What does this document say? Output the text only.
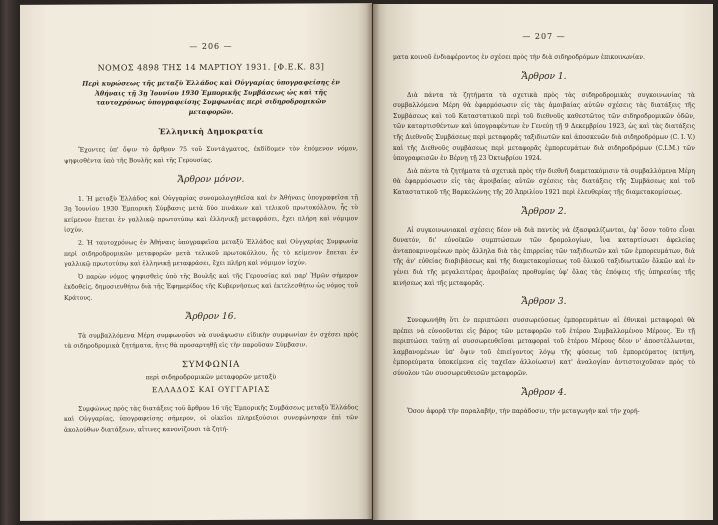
— 206 —
ΝΟΜΟΣ 4898 ΤΗΣ 14 ΜΑΡΤΙΟΥ 1931. [Φ.Ε.Κ. 83]
Περὶ κυρώσεως τῆς μεταξὺ Ἑλλάδος καὶ Οὐγγαρίας ὑπογραφείσης ἐν Ἀθήναις τῇ 3ῃ Ἰουνίου 1930 Ἐμπορικῆς Συμβάσεως ὡς καὶ τῆς ταυτοχρόνως ὑπογραφείσης Συμφωνίας περὶ σιδηροδρομικῶν μεταφορῶν.
Ἑλληνικὴ Δημοκρατία

Ἔχοντες ὑπ' ὄψιν τὸ ἄρθρον 75 τοῦ Συντάγματος, ἐκδίδομεν τὸν ἑπόμενον νόμον, ψηφισθέντα ὑπὸ τῆς Βουλῆς καὶ τῆς Γερουσίας.

Ἄρθρον μόνον.

1. Ἡ μεταξὺ Ἑλλάδος καὶ Οὐγγαρίας συνομολογηθεῖσα καὶ ἐν Ἀθήναις ὑπογραφεῖσα τῇ 3ῃ Ἰουνίου 1930 Ἐμπορικὴ Σύμβασις μετὰ δύο πινάκων καὶ τελικοῦ πρωτοκόλλου, ἧς τὸ κείμενον ἔπεται ἐν γαλλικῷ πρωτοτύπῳ καὶ ἑλληνικῇ μεταφράσει, ἔχει πλήρη καὶ νόμιμον ἰσχύν.

2. Ἡ ταυτοχρόνως ἐν Ἀθήναις ὑπογραφεῖσα μεταξὺ Ἑλλάδος καὶ Οὐγγαρίας Συμφωνία περὶ σιδηροδρομικῶν μεταφορῶν μετὰ τελικοῦ πρωτοκόλλου, ἧς τὸ κείμενον ἔπεται ἐν γαλλικῷ πρωτοτύπῳ καὶ ἑλληνικῇ μεταφράσει, ἔχει πλήρη καὶ νόμιμον ἰσχύν.

Ὁ παρὼν νόμος ψηφισθεὶς ὑπὸ τῆς Βουλῆς καὶ τῆς Γερουσίας καὶ παρ' Ἡμῶν σήμερον ἐκδοθείς, δημοσιευθήτω διὰ τῆς Ἐφημερίδος τῆς Κυβερνήσεως καὶ ἐκτελεσθήτω ὡς νόμος τοῦ Κράτους.

Ἄρθρον 16.

Τὰ συμβαλλόμενα Μέρη συμφωνοῦσι νὰ συνάψωσιν εἰδικὴν συμφωνίαν ἐν σχέσει πρὸς τὰ σιδηροδρομικὰ ζητήματα, ἥτις θὰ προσαρτηθῇ εἰς τὴν παροῦσαν Σύμβασιν.

ΣΥΜΦΩΝΙΑ
περὶ σιδηροδρομικῶν μεταφορῶν μεταξὺ
ΕΛΛΑΔΟΣ ΚΑΙ ΟΥΓΓΑΡΙΑΣ

Συμφώνως πρὸς τὰς διατάξεις τοῦ ἄρθρου 16 τῆς Ἐμπορικῆς Συμβάσεως μεταξὺ Ἑλλάδος καὶ Οὐγγαρίας, ὑπογραφείσης σήμερον, οἱ οἰκεῖοι πληρεξούσιοι συνεφώνησαν ἐπὶ τῶν ἀκολούθων διατάξεων, αἵτινες κανονίζουσι τὰ ζητή-

— 207 —

ματα κοινοῦ ἐνδιαφέροντος ἐν σχέσει πρὸς τὴν διὰ σιδηροδρόμων ἐπικοινωνίαν.

Ἄρθρον 1.

Διὰ πάντα τὰ ζητήματα τὰ σχετικὰ πρὸς τὰς σιδηροδρομικὰς συγκοινωνίας τὰ συμβαλλόμενα Μέρη θὰ ἐφαρμόσωσιν εἰς τὰς ἀμοιβαίας αὐτῶν σχέσεις τὰς διατάξεις τῆς Συμβάσεως καὶ τοῦ Καταστατικοῦ περὶ τοῦ διεθνοῦς καθεστῶτος τῶν σιδηροδρομικῶν ὁδῶν, τῶν καταρτισθέντων καὶ ὑπογραφέντων ἐν Γενεύῃ τῇ 9 Δεκεμβρίου 1923, ὡς καὶ τὰς διατάξεις τῆς Διεθνοῦς Συμβάσεως περὶ μεταφορᾶς ταξιδιωτῶν καὶ ἀποσκευῶν διὰ σιδηροδρόμων (C. I. V.) καὶ τῆς Διεθνοῦς συμβάσεως περὶ μεταφορᾶς ἐμπορευμάτων διὰ σιδηροδρόμων (C.I.M.) τῶν ὑπογραφεισῶν ἐν Βέρνῃ τῇ 23 Ὀκτωβρίου 1924.

Διὰ πάντα τὰ ζητήματα τὰ σχετικὰ πρὸς τὴν διεθνῆ διαμετακόμισιν τὰ συμβαλλόμενα Μέρη θὰ ἐφαρμόσωσιν εἰς τὰς ἀμοιβαίας αὐτῶν σχέσεις τὰς διατάξεις τῆς Συμβάσεως καὶ τοῦ Καταστατικοῦ τῆς Βαρκελώνης τῆς 20 Ἀπριλίου 1921 περὶ ἐλευθερίας τῆς διαμετακομίσεως.

Ἄρθρον 2.

Αἱ συγκοινωνιακαὶ σχέσεις δέον νὰ διὰ παντὸς νὰ ἐξασφαλίζωνται, ἐφ' ὅσον τοῦτο εἶναι δυνατόν, δι' εὐνοϊκῶν συμπτώσεων τῶν δρομολογίων, ἵνα καταρτίσωσι ἀφελείας ἀνταποκρινομένων πρὸς ἄλληλα διὰ τὰς ἐπιρρείας τῶν ταξιδιωτῶν καὶ τῶν ἐμπορευμάτων, διὰ τῆς ἀν' εὐθείας διαβιβάσεως καὶ τῆς διαμετακομίσεως τοῦ ὅλικοῦ ταξιδιωτικῶν ὅλκῶν καὶ ἐν γένει διὰ τῆς μεγαλειτέρας ἀμοιβαίας προθυμίας ὑφ' ὅλας τὰς ἐπόψεις τῆς ὑπηρεσίας τῆς κινήσεως καὶ τῆς μεταφορᾶς.

Ἄρθρον 3.

Συνεφωνήθη ὅτι ἐν περιπτώσει συσσωρεύσεως ἐμπορευμάτων αἱ ἐθνικαὶ μεταφοραὶ θὰ πρέπει νὰ εὐνοοῦνται εἰς βάρος τῶν μεταφορῶν τοῦ ἑτέρου Συμβαλλομένου Μέρους. Ἐν τῇ περιπτώσει ταύτῃ αἱ συσσωρευθεῖσαι μεταφοραὶ τοῦ ἑτέρου Μέρους δέον ν' ἀποστέλλωνται, λαμβανομένων ὑπ' ὄψιν τοῦ ἐπιείγοντος λόγῳ τῆς φύσεως τοῦ ἐμπορεύματος (κτήνη, ἐμπορεύματα ὑποκείμενα εἰς ταχεῖαν ἀλλοίωσιν) κατ' ἀναλογίαν ἀντιστοιχοῦσαν πρὸς τὸ σύνολον τῶν συσσωρευθεισῶν μεταφορῶν.

Ἄρθρον 4.

Ὅσον ἀφορᾷ τὴν παραλαβήν, τὴν παράδοσιν, τὴν μεταγωγὴν καὶ τὴν χορή-
